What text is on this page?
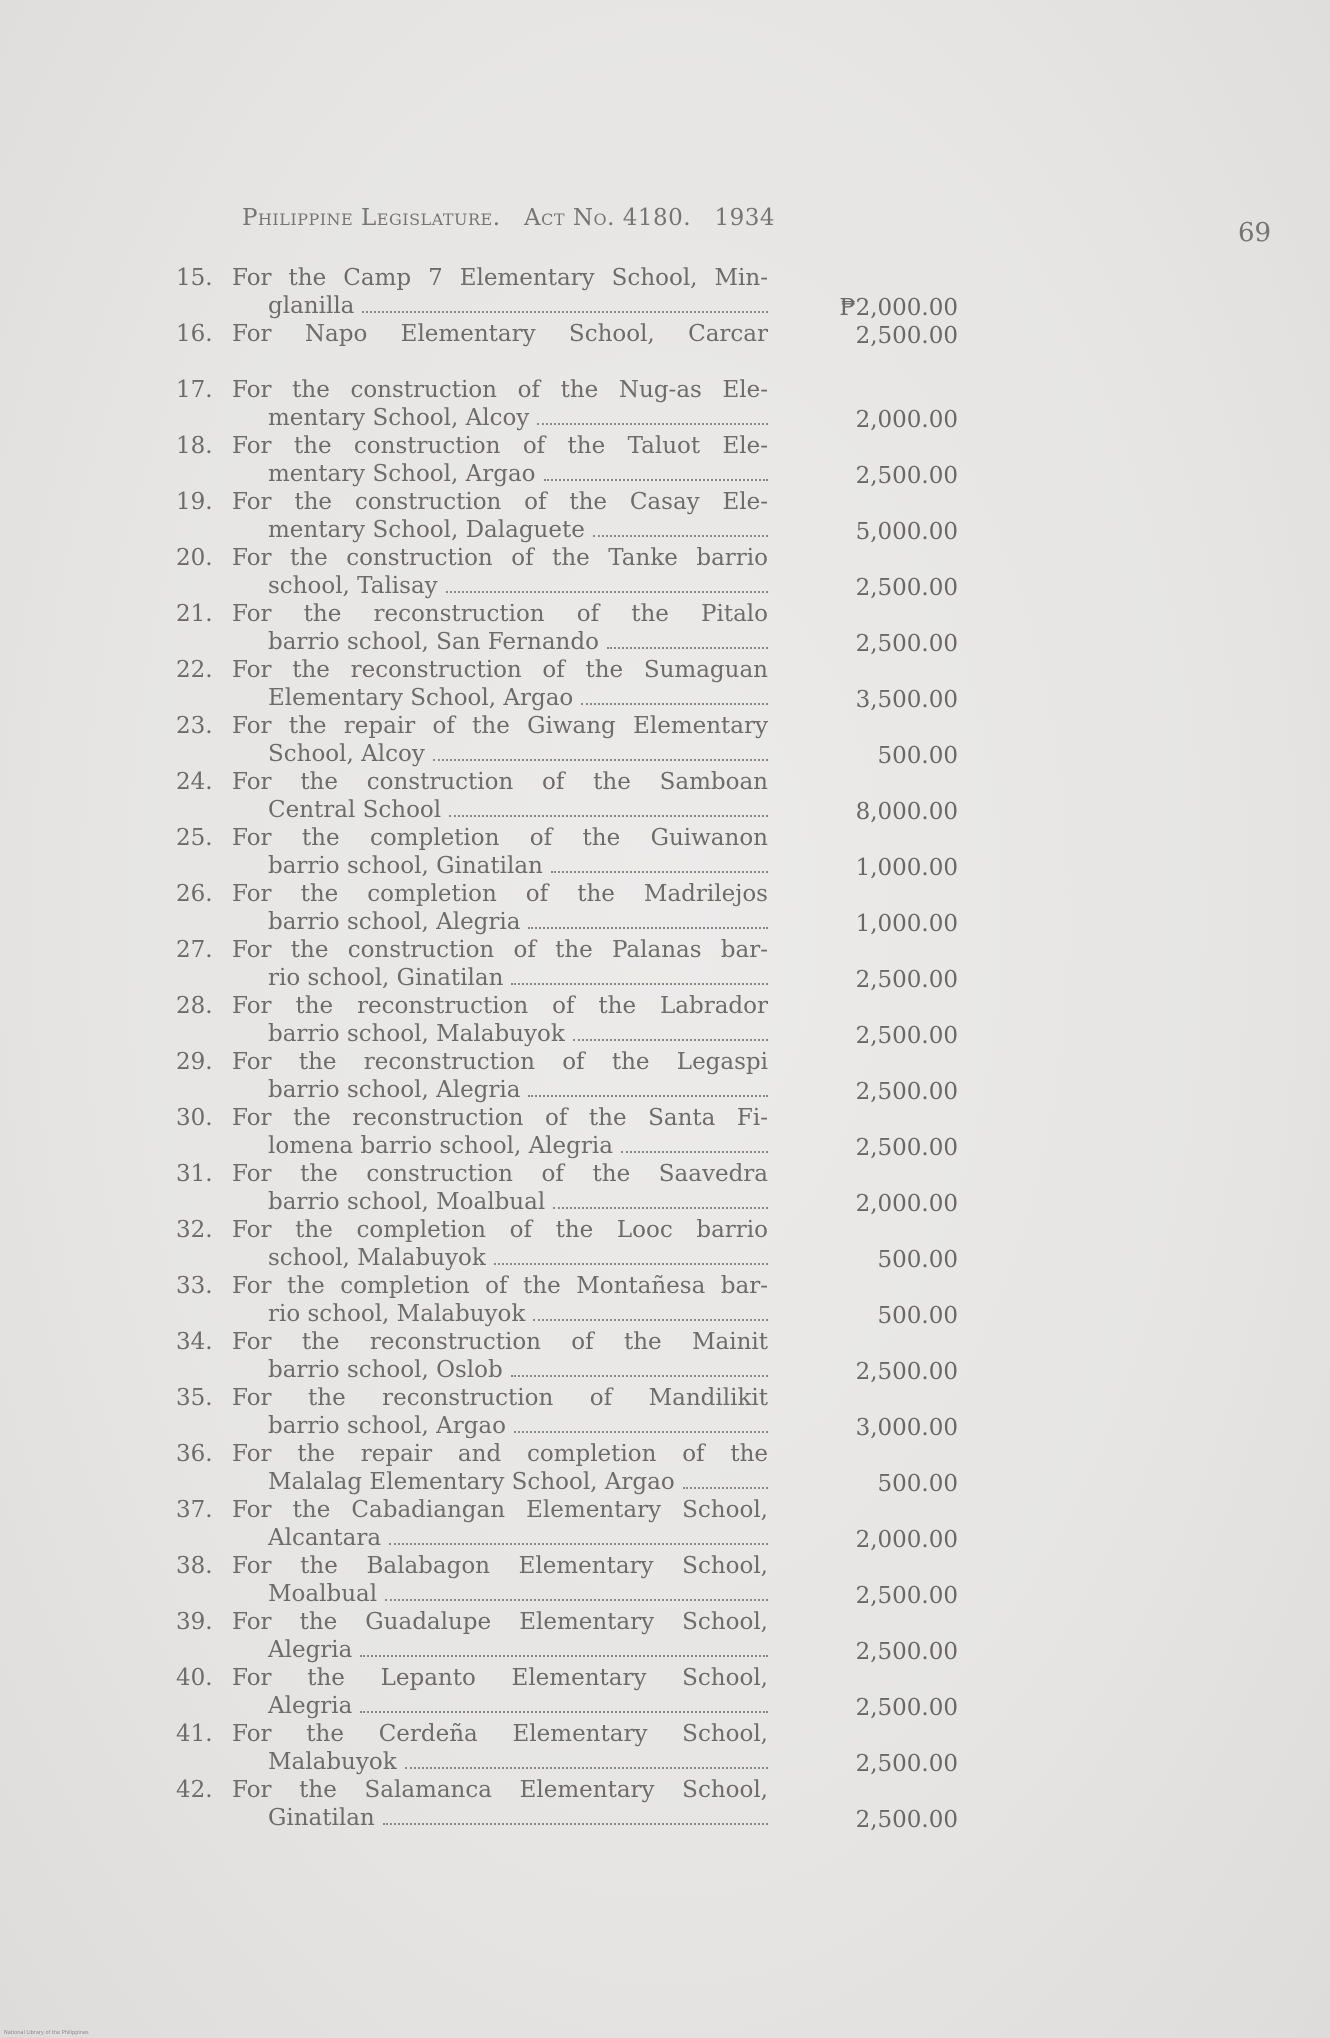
Philippine Legislature. Act No. 4180. 1934	69
15. For the Camp 7 Elementary School, Min-
glanilla	₱2,000.00
16. For Napo Elementary School, Carcar	2,500.00
17. For the construction of the Nug-as Ele-
mentary School, Alcoy	2,000.00
18. For the construction of the Taluot Ele-
mentary School, Argao	2,500.00
19. For the construction of the Casay Ele-
mentary School, Dalaguete	5,000.00
20. For the construction of the Tanke barrio
school, Talisay	2,500.00
21. For the reconstruction of the Pitalo
barrio school, San Fernando	2,500.00
22. For the reconstruction of the Sumaguan
Elementary School, Argao	3,500.00
23. For the repair of the Giwang Elementary
School, Alcoy	500.00
24. For the construction of the Samboan
Central School	8,000.00
25. For the completion of the Guiwanon
barrio school, Ginatilan	1,000.00
26. For the completion of the Madrilejos
barrio school, Alegria	1,000.00
27. For the construction of the Palanas bar-
rio school, Ginatilan	2,500.00
28. For the reconstruction of the Labrador
barrio school, Malabuyok	2,500.00
29. For the reconstruction of the Legaspi
barrio school, Alegria	2,500.00
30. For the reconstruction of the Santa Fi-
lomena barrio school, Alegria	2,500.00
31. For the construction of the Saavedra
barrio school, Moalbual	2,000.00
32. For the completion of the Looc barrio
school, Malabuyok	500.00
33. For the completion of the Montañesa bar-
rio school, Malabuyok	500.00
34. For the reconstruction of the Mainit
barrio school, Oslob	2,500.00
35. For the reconstruction of Mandilikit
barrio school, Argao	3,000.00
36. For the repair and completion of the
Malalag Elementary School, Argao	500.00
37. For the Cabadiangan Elementary School,
Alcantara	2,000.00
38. For the Balabagon Elementary School,
Moalbual	2,500.00
39. For the Guadalupe Elementary School,
Alegria	2,500.00
40. For the Lepanto Elementary School,
Alegria	2,500.00
41. For the Cerdeña Elementary School,
Malabuyok	2,500.00
42. For the Salamanca Elementary School,
Ginatilan	2,500.00
National Library of the Philippines
